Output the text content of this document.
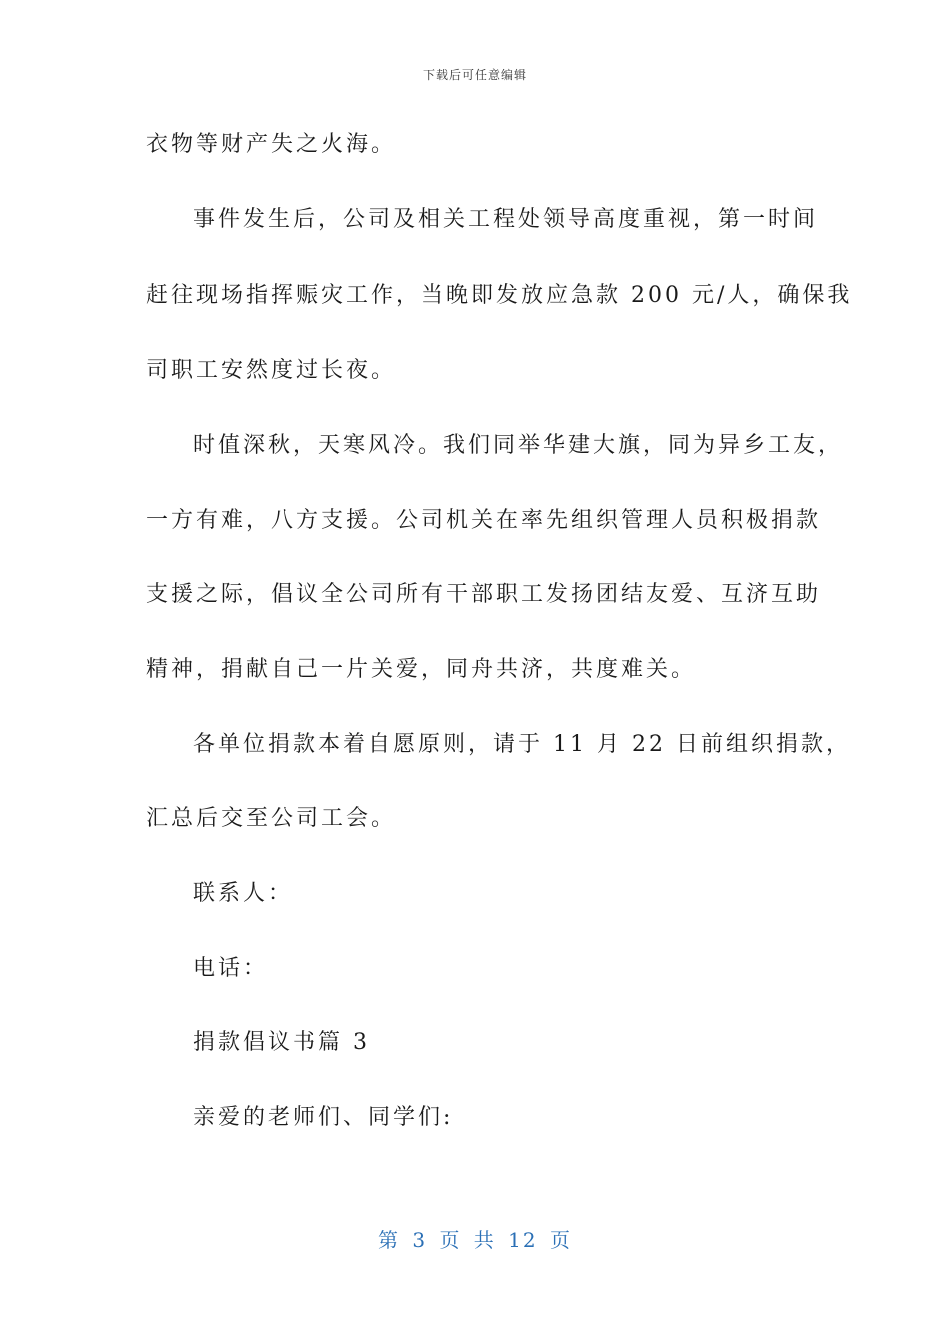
下载后可任意编辑
衣物等财产失之火海。
事件发生后，公司及相关工程处领导高度重视，第一时间
赶往现场指挥赈灾工作，当晚即发放应急款 200 元/人，确保我
司职工安然度过长夜。
时值深秋，天寒风冷。我们同举华建大旗，同为异乡工友，
一方有难，八方支援。公司机关在率先组织管理人员积极捐款
支援之际，倡议全公司所有干部职工发扬团结友爱、互济互助
精神，捐献自己一片关爱，同舟共济，共度难关。
各单位捐款本着自愿原则，请于 11 月 22 日前组织捐款，
汇总后交至公司工会。
联系人：
电话：
捐款倡议书篇 3
亲爱的老师们、同学们:
第 3 页 共 12 页
